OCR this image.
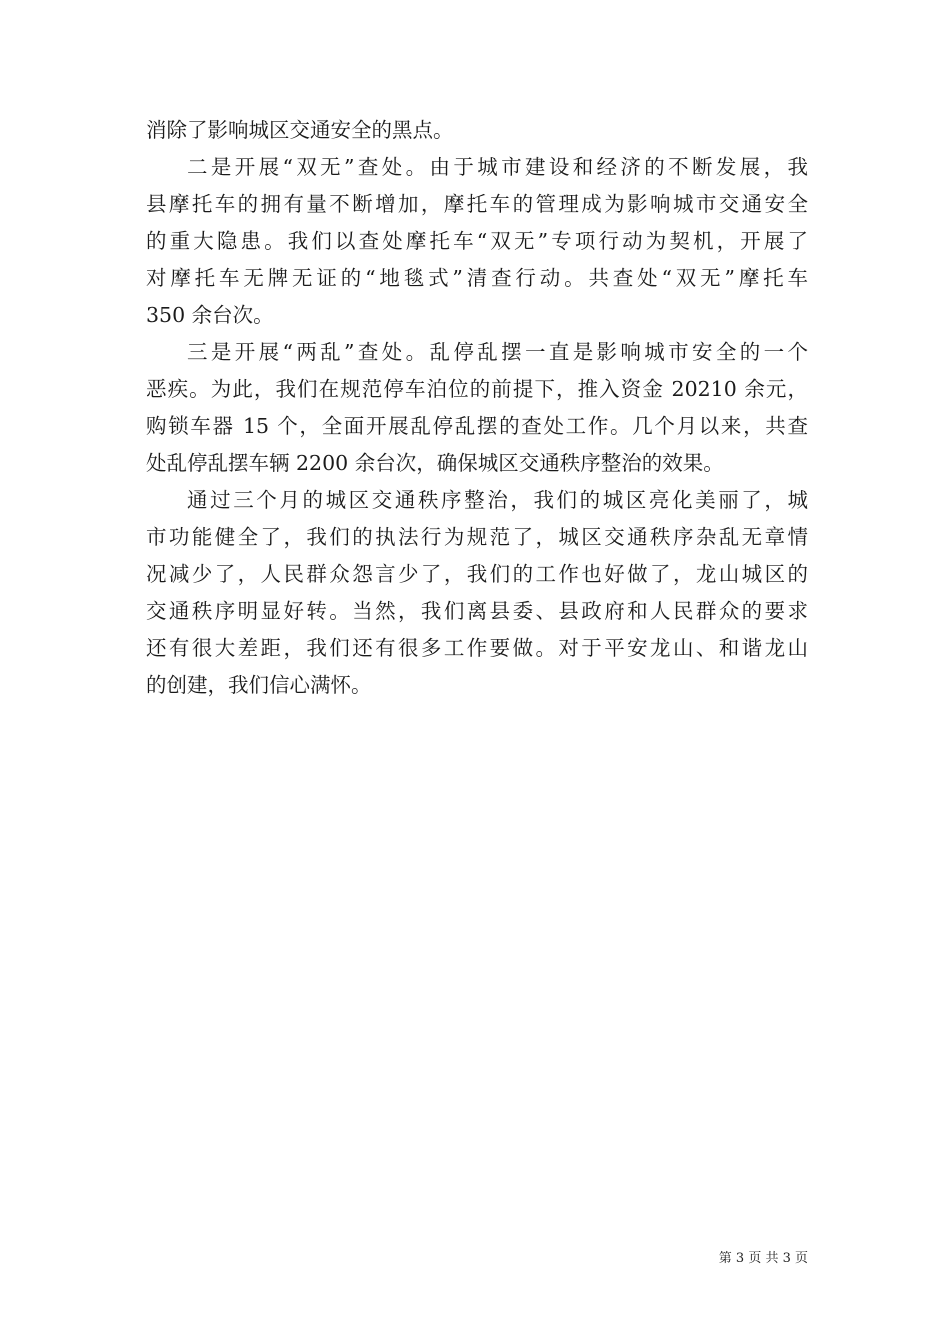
消除了影响城区交通安全的黑点。
二是开展“双无”查处。由于城市建设和经济的不断发展，我
县摩托车的拥有量不断增加，摩托车的管理成为影响城市交通安全
的重大隐患。我们以查处摩托车“双无”专项行动为契机，开展了
对摩托车无牌无证的“地毯式”清查行动。共查处“双无”摩托车
350 余台次。
三是开展“两乱”查处。乱停乱摆一直是影响城市安全的一个
恶疾。为此，我们在规范停车泊位的前提下，推入资金 20210 余元，
购锁车器 15 个，全面开展乱停乱摆的查处工作。几个月以来，共查
处乱停乱摆车辆 2200 余台次，确保城区交通秩序整治的效果。
通过三个月的城区交通秩序整治，我们的城区亮化美丽了，城
市功能健全了，我们的执法行为规范了，城区交通秩序杂乱无章情
况减少了，人民群众怨言少了，我们的工作也好做了，龙山城区的
交通秩序明显好转。当然，我们离县委、县政府和人民群众的要求
还有很大差距，我们还有很多工作要做。对于平安龙山、和谐龙山
的创建，我们信心满怀。
第 3 页 共 3 页
